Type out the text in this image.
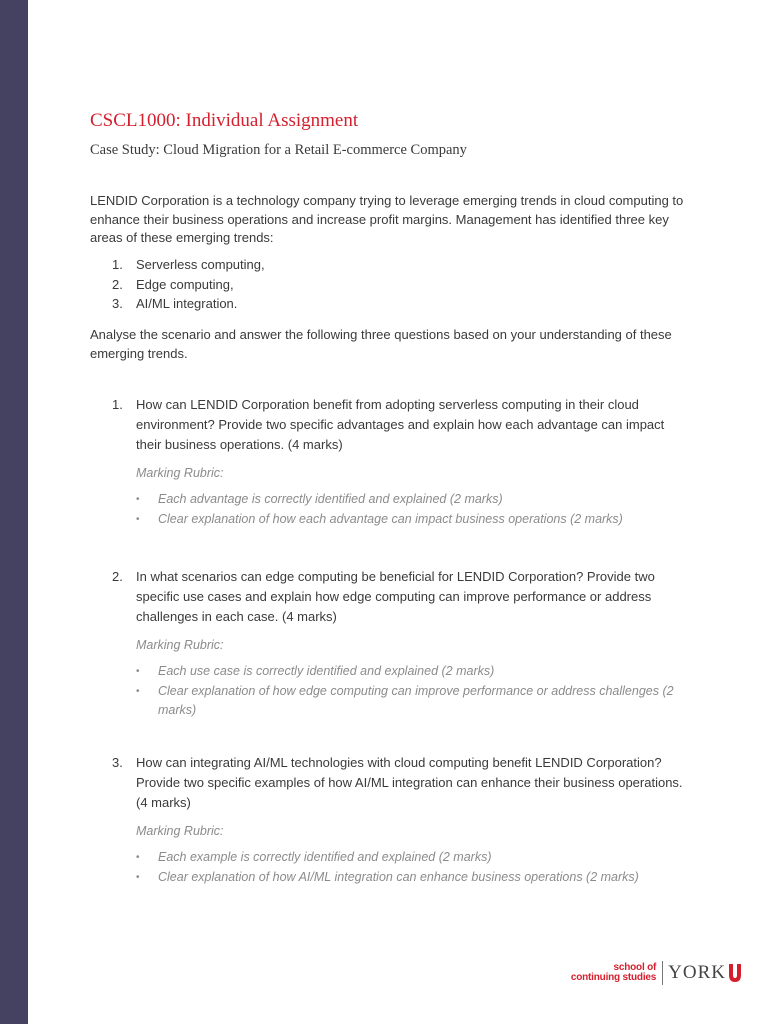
CSCL1000: Individual Assignment
Case Study: Cloud Migration for a Retail E-commerce Company

LENDID Corporation is a technology company trying to leverage emerging trends in cloud computing to enhance their business operations and increase profit margins. Management has identified three key areas of these emerging trends:

1.	Serverless computing,
2.	Edge computing,
3.	AI/ML integration.

Analyse the scenario and answer the following three questions based on your understanding of these emerging trends.

1.	How can LENDID Corporation benefit from adopting serverless computing in their cloud environment? Provide two specific advantages and explain how each advantage can impact their business operations. (4 marks)
Marking Rubric:
•	Each advantage is correctly identified and explained (2 marks)
•	Clear explanation of how each advantage can impact business operations (2 marks)
2.	In what scenarios can edge computing be beneficial for LENDID Corporation? Provide two specific use cases and explain how edge computing can improve performance or address challenges in each case. (4 marks)
Marking Rubric:
•	Each use case is correctly identified and explained (2 marks)
•	Clear explanation of how edge computing can improve performance or address challenges (2 marks)
3.	How can integrating AI/ML technologies with cloud computing benefit LENDID Corporation? Provide two specific examples of how AI/ML integration can enhance their business operations. (4 marks)
Marking Rubric:
•	Each example is correctly identified and explained (2 marks)
•	Clear explanation of how AI/ML integration can enhance business operations (2 marks)
school of
continuing studies YORK
